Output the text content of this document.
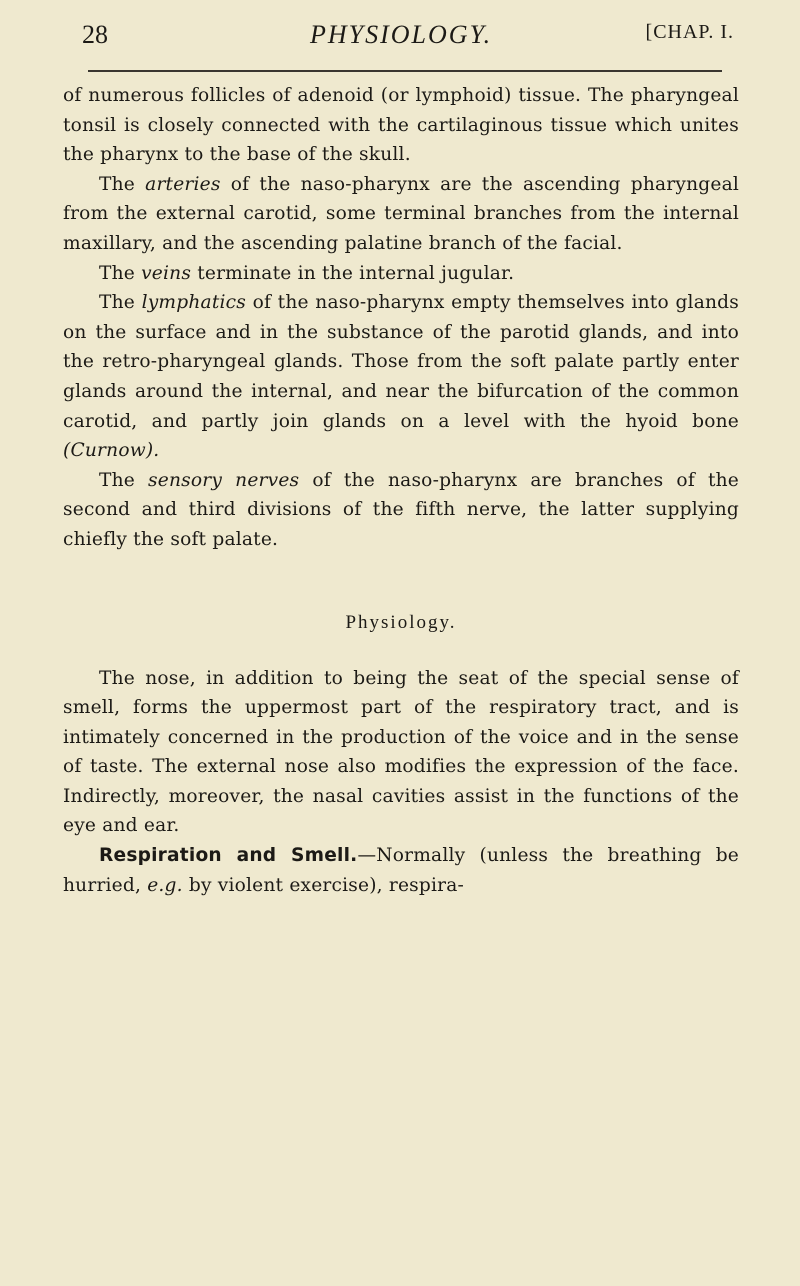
28	PHYSIOLOGY.	[CHAP. I.

of numerous follicles of adenoid (or lymphoid) tissue. The pharyngeal tonsil is closely connected with the cartilaginous tissue which unites the pharynx to the base of the skull.

The arteries of the naso-pharynx are the ascending pharyngeal from the external carotid, some terminal branches from the internal maxillary, and the ascending palatine branch of the facial.

The veins terminate in the internal jugular.

The lymphatics of the naso-pharynx empty themselves into glands on the surface and in the substance of the parotid glands, and into the retro-pharyngeal glands. Those from the soft palate partly enter glands around the internal, and near the bifurcation of the common carotid, and partly join glands on a level with the hyoid bone (Curnow).

The sensory nerves of the naso-pharynx are branches of the second and third divisions of the fifth nerve, the latter supplying chiefly the soft palate.

Physiology.

The nose, in addition to being the seat of the special sense of smell, forms the uppermost part of the respiratory tract, and is intimately concerned in the production of the voice and in the sense of taste. The external nose also modifies the expression of the face. Indirectly, moreover, the nasal cavities assist in the functions of the eye and ear.

Respiration and Smell.—Normally (unless the breathing be hurried, e.g. by violent exercise), respira-
